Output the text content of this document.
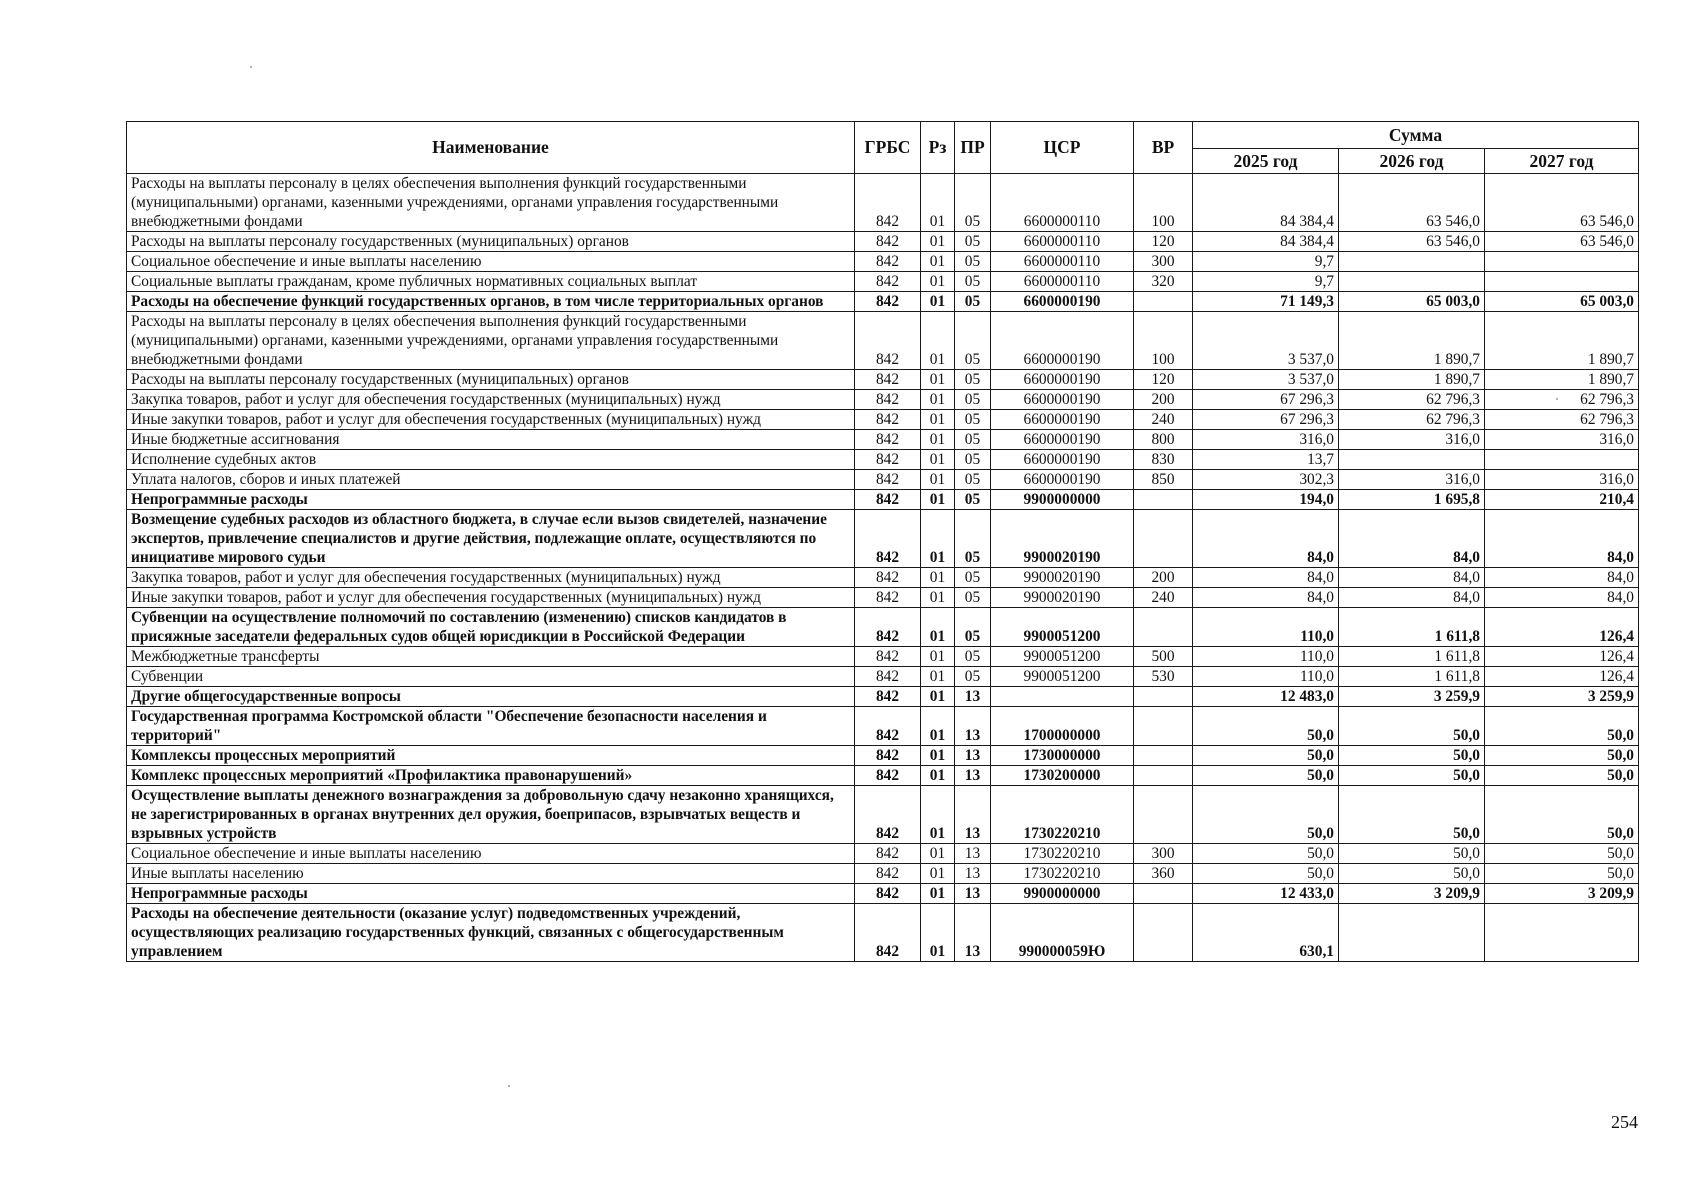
Наименование	ГРБС	Рз	ПР	ЦСР	ВР	Сумма		
						2025 год	2026 год	2027 год
Расходы на выплаты персоналу в целях обеспечения выполнения функций государственными (муниципальными) органами, казенными учреждениями, органами управления государственными внебюджетными фондами	842	01	05	6600000110	100	84 384,4	63 546,0	63 546,0
Расходы на выплаты персоналу государственных (муниципальных) органов	842	01	05	6600000110	120	84 384,4	63 546,0	63 546,0
Социальное обеспечение и иные выплаты населению	842	01	05	6600000110	300	9,7		
Социальные выплаты гражданам, кроме публичных нормативных социальных выплат	842	01	05	6600000110	320	9,7		
Расходы на обеспечение функций государственных органов, в том числе территориальных органов	842	01	05	6600000190		71 149,3	65 003,0	65 003,0
Расходы на выплаты персоналу в целях обеспечения выполнения функций государственными (муниципальными) органами, казенными учреждениями, органами управления государственными внебюджетными фондами	842	01	05	6600000190	100	3 537,0	1 890,7	1 890,7
Расходы на выплаты персоналу государственных (муниципальных) органов	842	01	05	6600000190	120	3 537,0	1 890,7	1 890,7
Закупка товаров, работ и услуг для обеспечения государственных (муниципальных) нужд	842	01	05	6600000190	200	67 296,3	62 796,3	62 796,3
Иные закупки товаров, работ и услуг для обеспечения государственных (муниципальных) нужд	842	01	05	6600000190	240	67 296,3	62 796,3	62 796,3
Иные бюджетные ассигнования	842	01	05	6600000190	800	316,0	316,0	316,0
Исполнение судебных актов	842	01	05	6600000190	830	13,7		
Уплата налогов, сборов и иных платежей	842	01	05	6600000190	850	302,3	316,0	316,0
Непрограммные расходы	842	01	05	9900000000		194,0	1 695,8	210,4
Возмещение судебных расходов из областного бюджета, в случае если вызов свидетелей, назначение экспертов, привлечение специалистов и другие действия, подлежащие оплате, осуществляются по инициативе мирового судьи	842	01	05	9900020190		84,0	84,0	84,0
Закупка товаров, работ и услуг для обеспечения государственных (муниципальных) нужд	842	01	05	9900020190	200	84,0	84,0	84,0
Иные закупки товаров, работ и услуг для обеспечения государственных (муниципальных) нужд	842	01	05	9900020190	240	84,0	84,0	84,0
Субвенции на осуществление полномочий по составлению (изменению) списков кандидатов в присяжные заседатели федеральных судов общей юрисдикции в Российской Федерации	842	01	05	9900051200		110,0	1 611,8	126,4
Межбюджетные трансферты	842	01	05	9900051200	500	110,0	1 611,8	126,4
Субвенции	842	01	05	9900051200	530	110,0	1 611,8	126,4
Другие общегосударственные вопросы	842	01	13			12 483,0	3 259,9	3 259,9
Государственная программа Костромской области "Обеспечение безопасности населения и территорий"	842	01	13	1700000000		50,0	50,0	50,0
Комплексы процессных мероприятий	842	01	13	1730000000		50,0	50,0	50,0
Комплекс процессных мероприятий «Профилактика правонарушений»	842	01	13	1730200000		50,0	50,0	50,0
Осуществление выплаты денежного вознаграждения за добровольную сдачу незаконно хранящихся, не зарегистрированных в органах внутренних дел оружия, боеприпасов, взрывчатых веществ и взрывных устройств	842	01	13	1730220210		50,0	50,0	50,0
Социальное обеспечение и иные выплаты населению	842	01	13	1730220210	300	50,0	50,0	50,0
Иные выплаты населению	842	01	13	1730220210	360	50,0	50,0	50,0
Непрограммные расходы	842	01	13	9900000000		12 433,0	3 209,9	3 209,9
Расходы на обеспечение деятельности (оказание услуг) подведомственных учреждений, осуществляющих реализацию государственных функций, связанных с общегосударственным управлением	842	01	13	990000059Ю		630,1		
254
